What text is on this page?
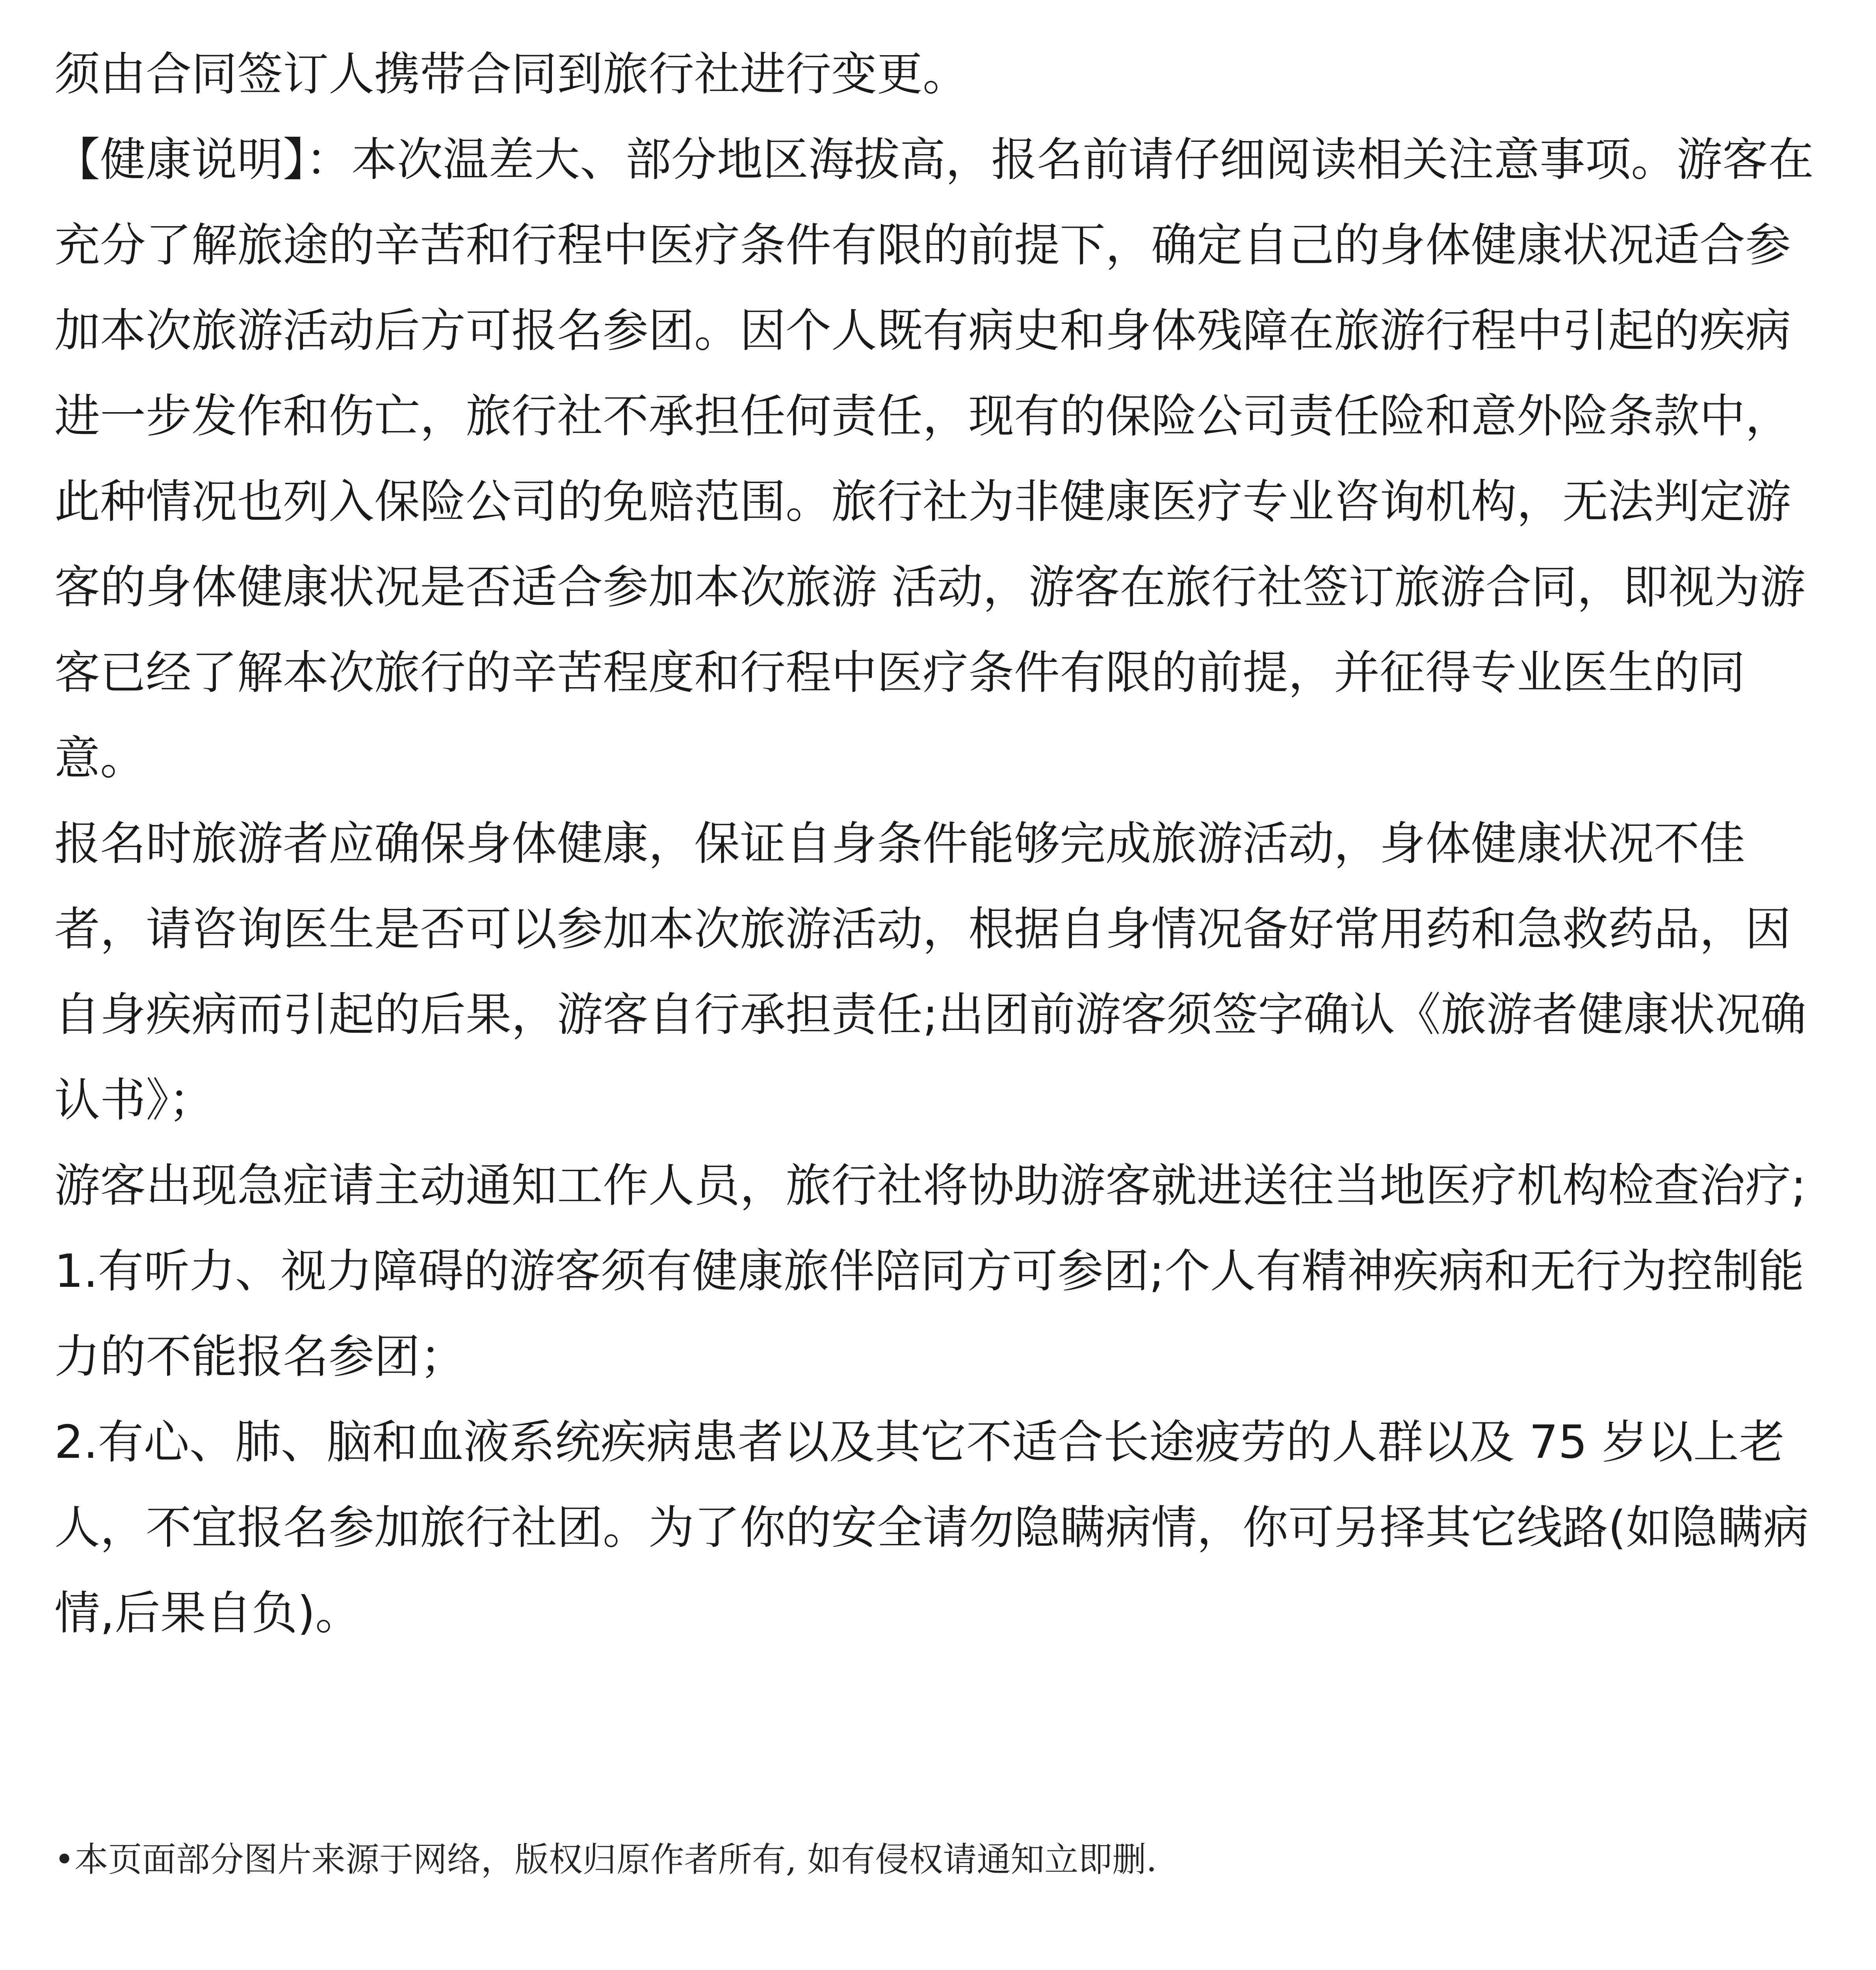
须由合同签订人携带合同到旅行社进行变更。

【健康说明】：本次温差大、部分地区海拔高，报名前请仔细阅读相关注意事项。游客在充分了解旅途的辛苦和行程中医疗条件有限的前提下，确定自己的身体健康状况适合参加本次旅游活动后方可报名参团。因个人既有病史和身体残障在旅游行程中引起的疾病进一步发作和伤亡，旅行社不承担任何责任，现有的保险公司责任险和意外险条款中，此种情况也列入保险公司的免赔范围。旅行社为非健康医疗专业咨询机构，无法判定游客的身体健康状况是否适合参加本次旅游 活动，游客在旅行社签订旅游合同，即视为游客已经了解本次旅行的辛苦程度和行程中医疗条件有限的前提，并征得专业医生的同意。

报名时旅游者应确保身体健康，保证自身条件能够完成旅游活动，身体健康状况不佳者，请咨询医生是否可以参加本次旅游活动，根据自身情况备好常用药和急救药品，因自身疾病而引起的后果，游客自行承担责任;出团前游客须签字确认《旅游者健康状况确认书》；

游客出现急症请主动通知工作人员，旅行社将协助游客就进送往当地医疗机构检查治疗;

1.有听力、视力障碍的游客须有健康旅伴陪同方可参团;个人有精神疾病和无行为控制能力的不能报名参团；

2.有心、肺、脑和血液系统疾病患者以及其它不适合长途疲劳的人群以及 75 岁以上老人，不宜报名参加旅行社团。为了你的安全请勿隐瞒病情，你可另择其它线路(如隐瞒病情,后果自负)。

•本页面部分图片来源于网络，版权归原作者所有, 如有侵权请通知立即删.
